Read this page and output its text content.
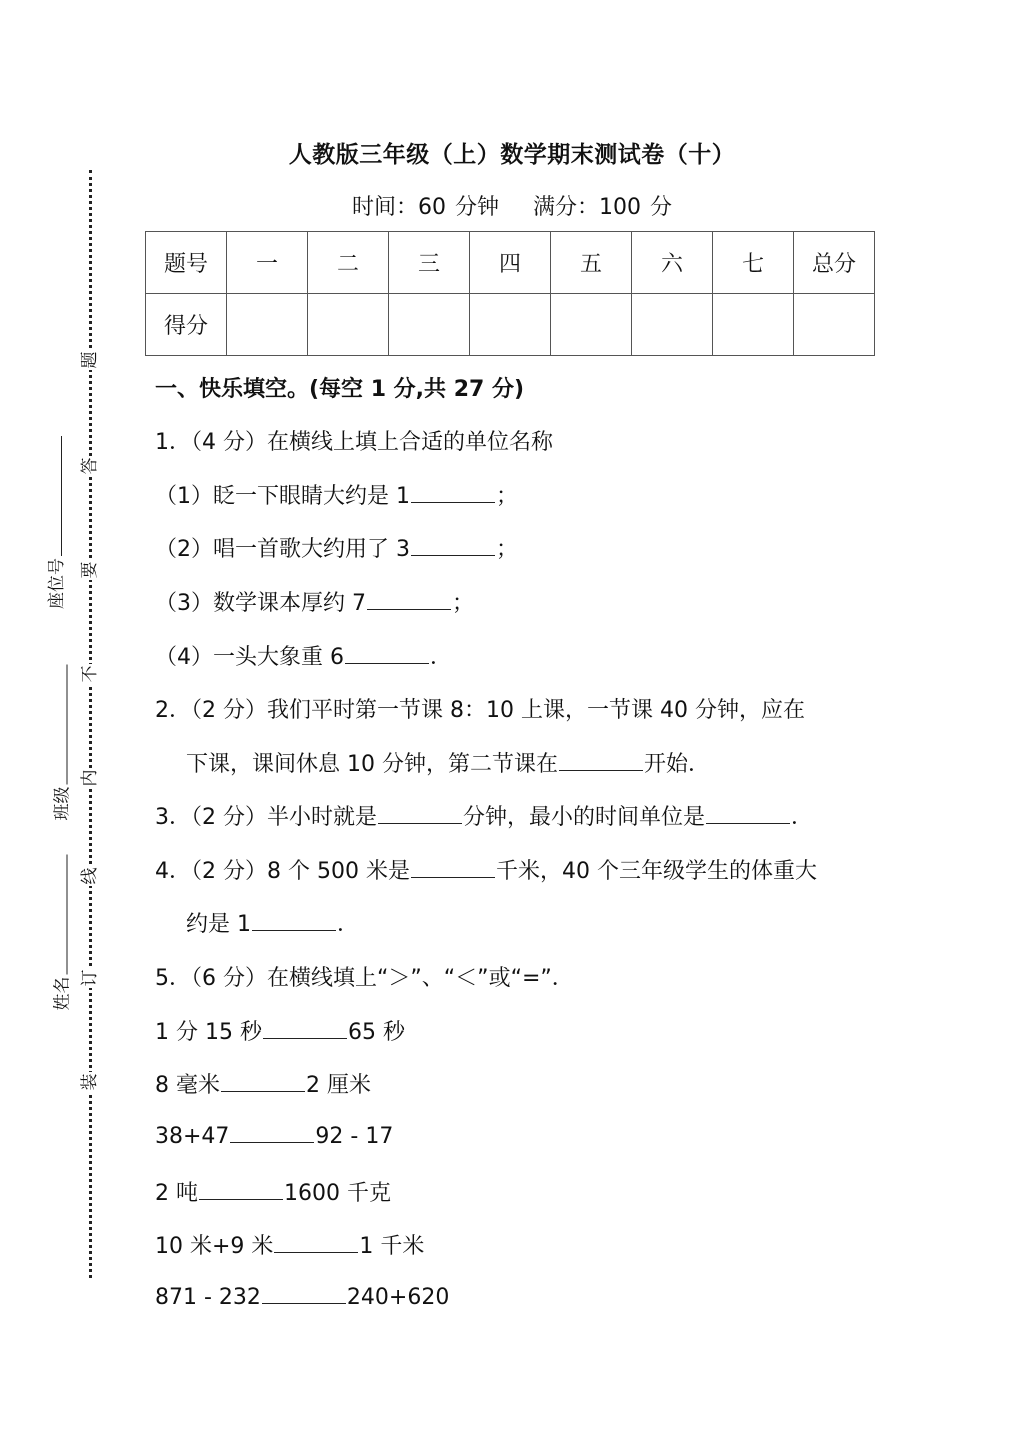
题
答
要
不
内
线
订
装
座位号
班级
姓名
人教版三年级（上）数学期末测试卷（十）
时间：60 分钟 满分：100 分
题号	一	二	三	四	五	六	七	总分
得分								
一、快乐填空。(每空 1 分,共 27 分)
1．（4 分）在横线上填上合适的单位名称
（1）眨一下眼睛大约是 1	；
（2）唱一首歌大约用了 3	；
（3）数学课本厚约 7	；
（4）一头大象重 6	．
2．（2 分）我们平时第一节课 8：10 上课，一节课 40 分钟，应在
下课，课间休息 10 分钟，第二节课在	开始．
3．（2 分）半小时就是	分钟，最小的时间单位是	．
4．（2 分）8 个 500 米是	千米，40 个三年级学生的体重大
约是 1	．
5．（6 分）在横线填上“＞”、“＜”或“=”．
1 分 15 秒	65 秒
8 毫米	2 厘米
38+47	92 - 17
2 吨	1600 千克
10 米+9 米	1 千米
871 - 232	240+620
